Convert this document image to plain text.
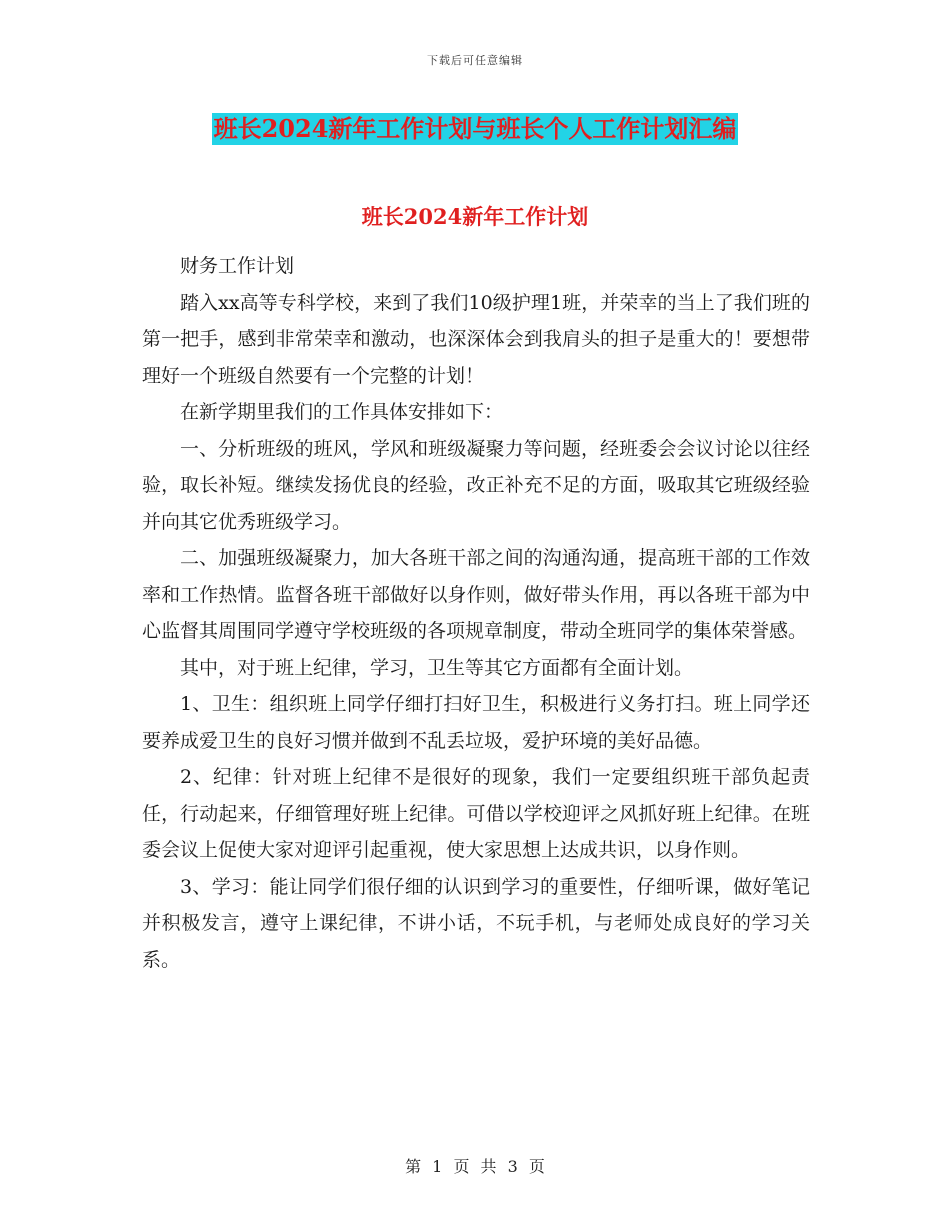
下载后可任意编辑
班长2024新年工作计划与班长个人工作计划汇编
班长2024新年工作计划

财务工作计划

踏入xx高等专科学校，来到了我们10级护理1班，并荣幸的当上了我们班的第一把手，感到非常荣幸和激动，也深深体会到我肩头的担子是重大的！要想带理好一个班级自然要有一个完整的计划！

在新学期里我们的工作具体安排如下：

一、分析班级的班风，学风和班级凝聚力等问题，经班委会会议讨论以往经验，取长补短。继续发扬优良的经验，改正补充不足的方面，吸取其它班级经验并向其它优秀班级学习。

二、加强班级凝聚力，加大各班干部之间的沟通沟通，提高班干部的工作效率和工作热情。监督各班干部做好以身作则，做好带头作用，再以各班干部为中心监督其周围同学遵守学校班级的各项规章制度，带动全班同学的集体荣誉感。

其中，对于班上纪律，学习，卫生等其它方面都有全面计划。

1、卫生：组织班上同学仔细打扫好卫生，积极进行义务打扫。班上同学还要养成爱卫生的良好习惯并做到不乱丢垃圾，爱护环境的美好品德。

2、纪律：针对班上纪律不是很好的现象，我们一定要组织班干部负起责任，行动起来，仔细管理好班上纪律。可借以学校迎评之风抓好班上纪律。在班委会议上促使大家对迎评引起重视，使大家思想上达成共识，以身作则。

3、学习：能让同学们很仔细的认识到学习的重要性，仔细听课，做好笔记并积极发言，遵守上课纪律，不讲小话，不玩手机，与老师处成良好的学习关系。

第 1 页 共 3 页
